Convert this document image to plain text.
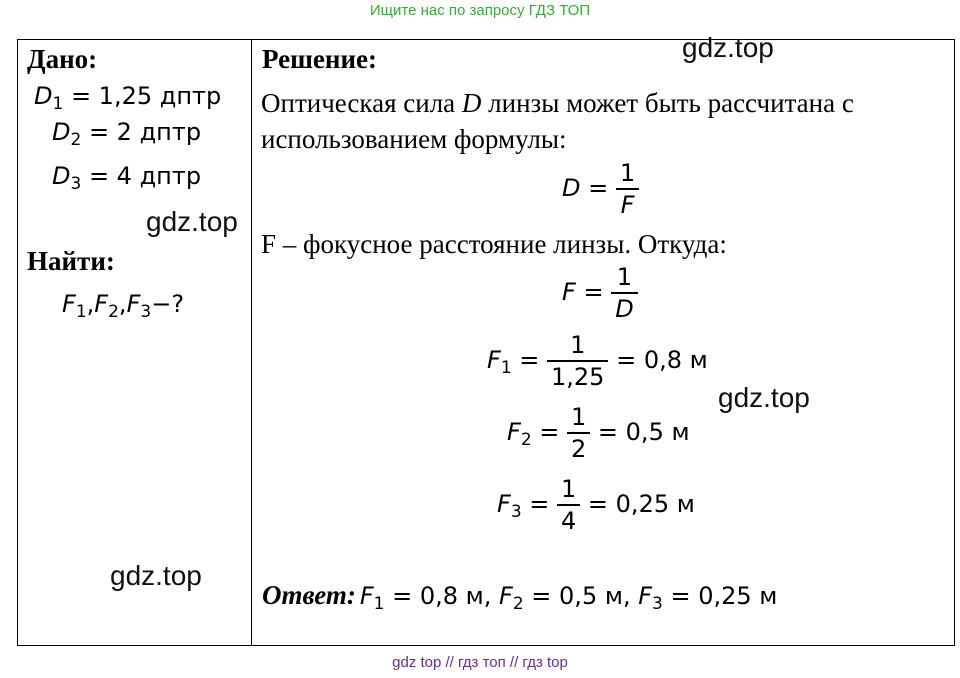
Ищите нас по запросу ГДЗ ТОП
Дано:
$D_1 = 1,25$ дптр
$D_2 = 2$ дптр
$D_3 = 4$ дптр
Найти:
$F_1,F_2,F_3-$?
Решение:
Оптическая сила D линзы может быть рассчитана с
использованием формулы:
$D = \frac{1}{F}$
F – фокусное расстояние линзы. Откуда:
$F = \frac{1}{D}$
$F_1 = \frac{1}{1,25} = 0,8$ м
$F_2 = \frac{1}{2} = 0,5$ м
$F_3 = \frac{1}{4} = 0,25$ м
Ответ: $F_1 = 0,8$ м, $F_2 = 0,5$ м, $F_3 = 0,25$ м
gdz.top
gdz.top
gdz.top
gdz.top
gdz top // гдз топ // гдз top
